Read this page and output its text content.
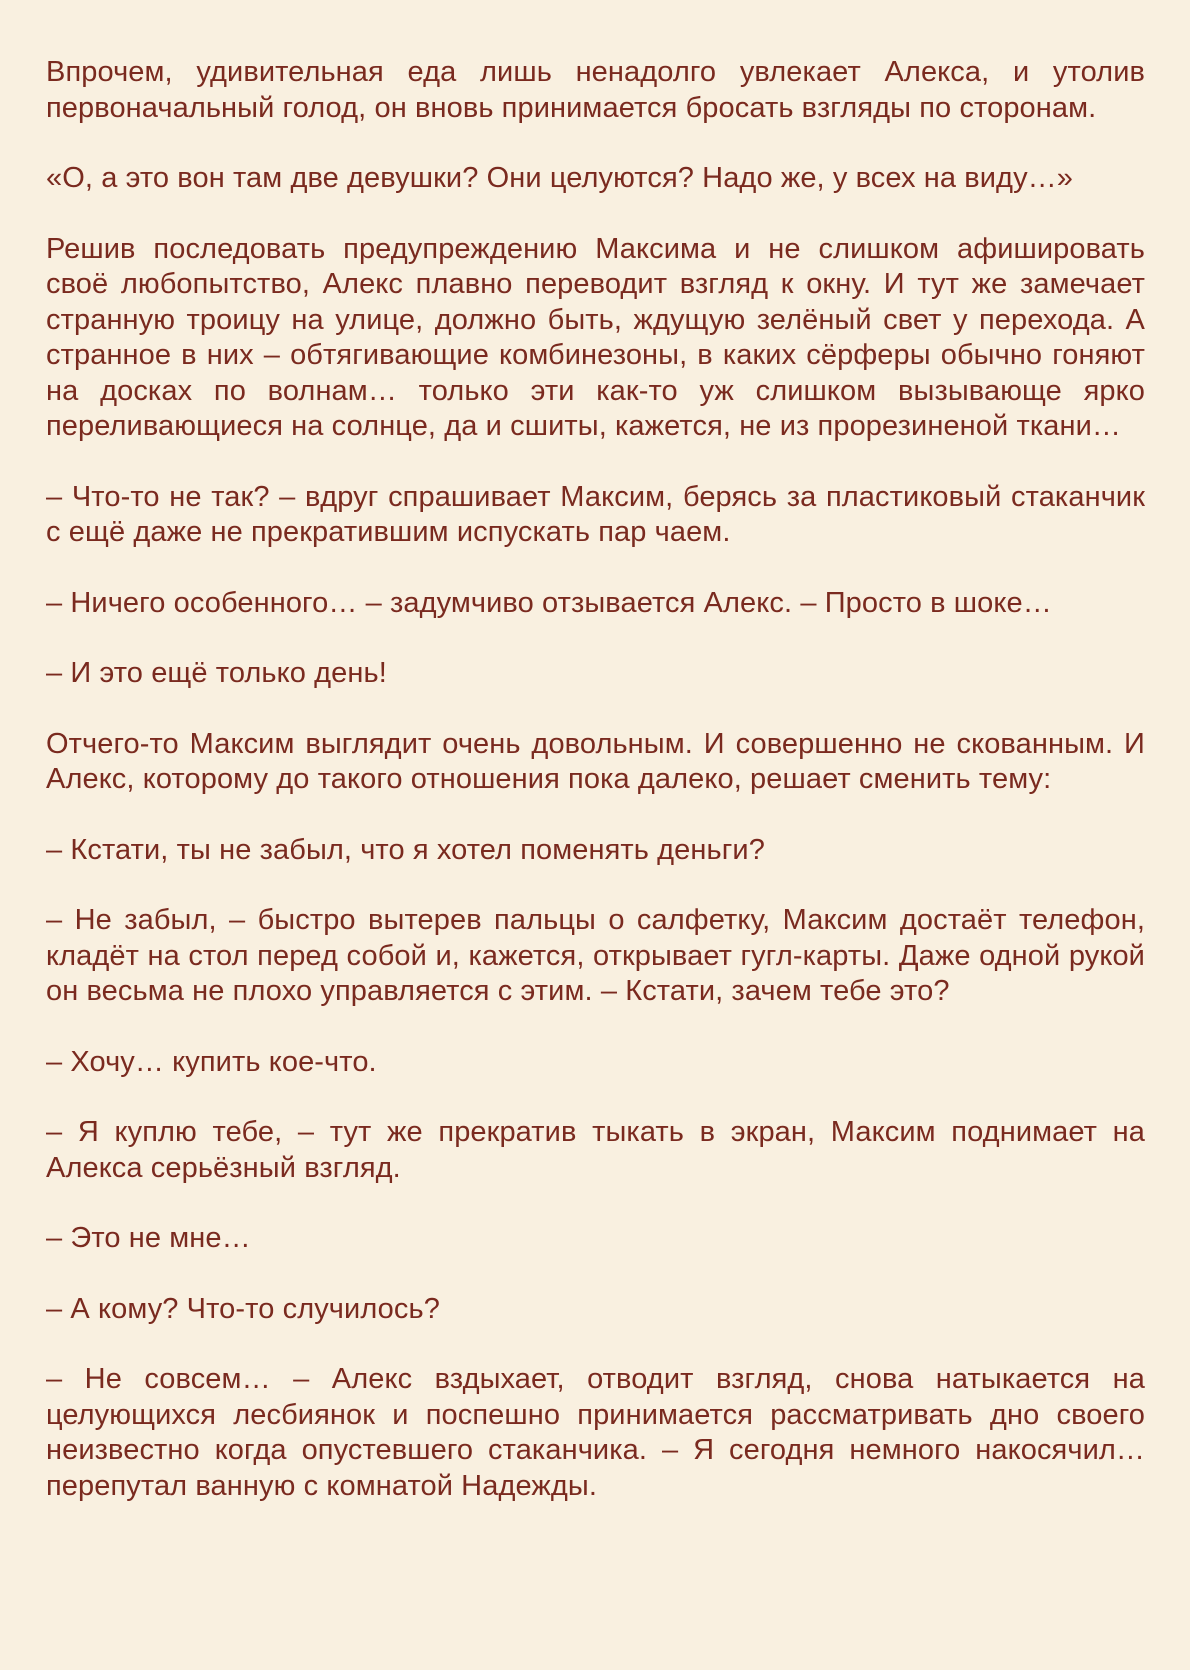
Впрочем, удивительная еда лишь ненадолго увлекает Алекса, и утолив первоначальный голод, он вновь принимается бросать взгляды по сторонам.

«О, а это вон там две девушки? Они целуются? Надо же, у всех на виду…»

Решив последовать предупреждению Максима и не слишком афишировать своё любопытство, Алекс плавно переводит взгляд к окну. И тут же замечает странную троицу на улице, должно быть, ждущую зелёный свет у перехода. А странное в них – обтягивающие комбинезоны, в каких сёрферы обычно гоняют на досках по волнам… только эти как-то уж слишком вызывающе ярко переливающиеся на солнце, да и сшиты, кажется, не из прорезиненой ткани…

– Что-то не так? – вдруг спрашивает Максим, берясь за пластиковый стаканчик с ещё даже не прекратившим испускать пар чаем.

– Ничего особенного… – задумчиво отзывается Алекс. – Просто в шоке…

– И это ещё только день!

Отчего-то Максим выглядит очень довольным. И совершенно не скованным. И Алекс, которому до такого отношения пока далеко, решает сменить тему:

– Кстати, ты не забыл, что я хотел поменять деньги?

– Не забыл, – быстро вытерев пальцы о салфетку, Максим достаёт телефон, кладёт на стол перед собой и, кажется, открывает гугл-карты. Даже одной рукой он весьма не плохо управляется с этим. – Кстати, зачем тебе это?

– Хочу… купить кое-что.

– Я куплю тебе, – тут же прекратив тыкать в экран, Максим поднимает на Алекса серьёзный взгляд.

– Это не мне…

– А кому? Что-то случилось?

– Не совсем… – Алекс вздыхает, отводит взгляд, снова натыкается на целующихся лесбиянок и поспешно принимается рассматривать дно своего неизвестно когда опустевшего стаканчика. – Я сегодня немного накосячил… перепутал ванную с комнатой Надежды.
